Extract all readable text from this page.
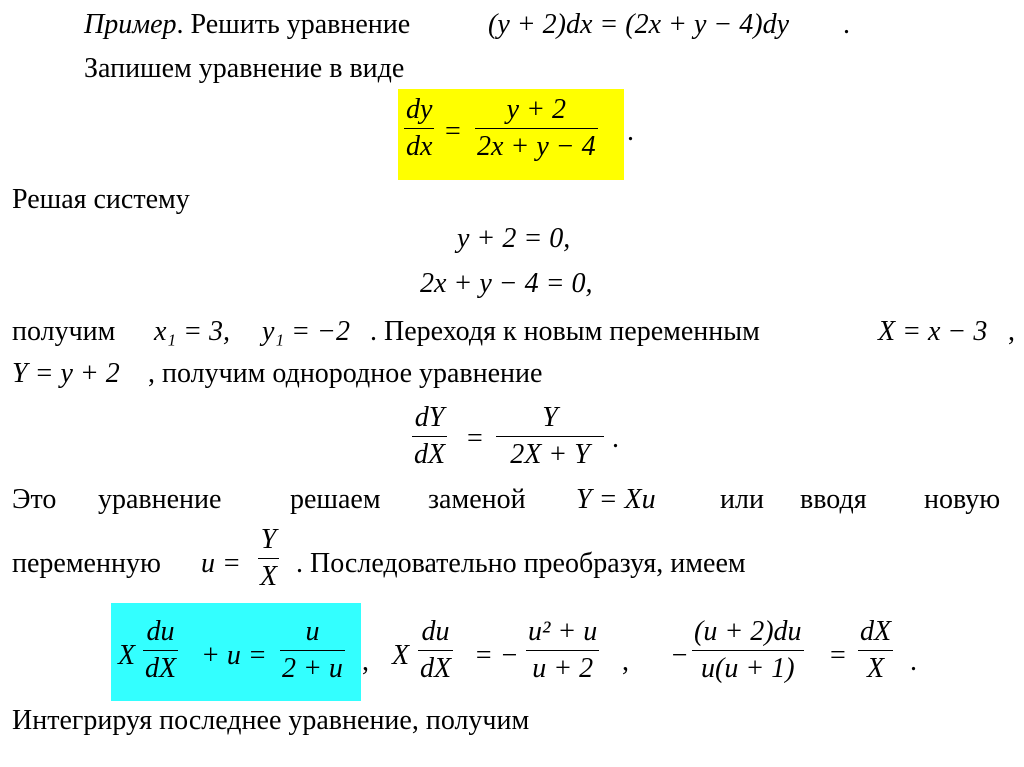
Пример. Решить уравнение	(y + 2)dx = (2x + y − 4)dy .
Запишем уравнение в виде
dy
dx =
y + 2
2x + y − 4 .
Решая систему
y + 2 = 0,
2x + y − 4 = 0,
получим x₁ = 3, y₁ = −2 . Переходя к новым переменным	X = x − 3 ,
Y = y + 2 , получим однородное уравнение
dY
dX
=
Y
2X + Y
.
Это уравнение решаем заменой Y = Xu или вводя новую
переменную u =
Y
X . Последовательно преобразуя, имеем
X
du
dX + u =
u
2 + u , X
du
dX = −
u² + u
u + 2 , −
(u + 2)du
u(u + 1) =
dX
X .
Интегрируя последнее уравнение, получим
